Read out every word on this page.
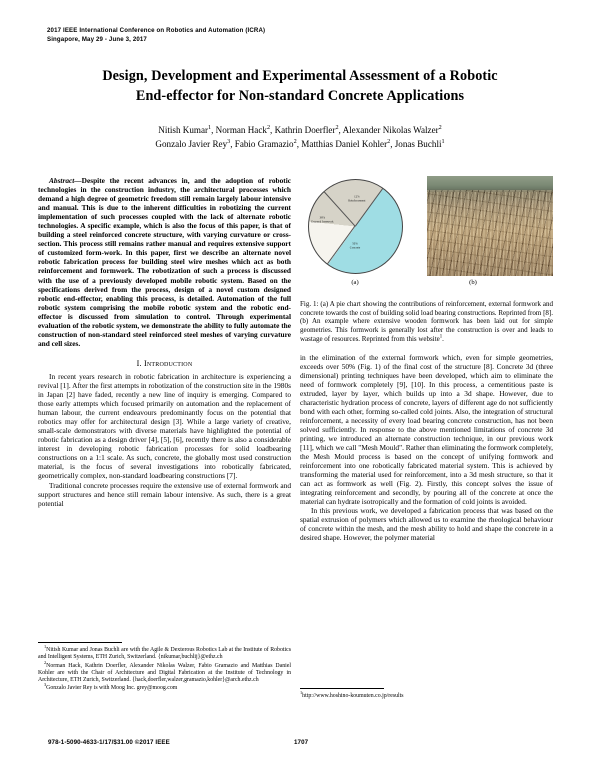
2017 IEEE International Conference on Robotics and Automation (ICRA)
Singapore, May 29 - June 3, 2017
Design, Development and Experimental Assessment of a Robotic
End-effector for Non-standard Concrete Applications
Nitish Kumar$^1$, Norman Hack$^2$, Kathrin Doerfler$^2$, Alexander Nikolas Walzer$^2$
Gonzalo Javier Rey$^3$, Fabio Gramazio$^2$, Matthias Daniel Kohler$^2$, Jonas Buchli$^1$

Abstract—Despite the recent advances in, and the adoption of robotic technologies in the construction industry, the architectural processes which demand a high degree of geometric freedom still remain largely labour intensive and manual. This is due to the inherent difficulties in robotizing the current implementation of such processes coupled with the lack of alternate robotic technologies. A specific example, which is also the focus of this paper, is that of building a steel reinforced concrete structure, with varying curvature or cross-section. This process still remains rather manual and requires extensive support of customized form-work. In this paper, first we describe an alternate novel robotic fabrication process for building steel wire meshes which act as both reinforcement and formwork. The robotization of such a process is discussed with the use of a previously developed mobile robotic system. Based on the specifications derived from the process, design of a novel custom designed robotic end-effector, enabling this process, is detailed. Automation of the full robotic system comprising the mobile robotic system and the robotic end-effector is discussed from simulation to control. Through experimental evaluation of the robotic system, we demonstrate the ability to fully automate the construction of non-standard steel reinforced steel meshes of varying curvature and cell sizes.

I. Introduction

In recent years research in robotic fabrication in architecture is experiencing a revival [1]. After the first attempts in robotization of the construction site in the 1980s in Japan [2] have faded, recently a new line of inquiry is emerging. Compared to those early attempts which focused primarily on automation and the replacement of human labour, the current endeavours predominantly focus on the potential that robotics may offer for architectural design [3]. While a large variety of creative, small-scale demonstrators with diverse materials have highlighted the potential of robotic fabrication as a design driver [4], [5], [6], recently there is also a considerable interest in developing robotic fabrication processes for solid loadbearing constructions on a 1:1 scale. As such, concrete, the globally most used construction material, is the focus of several investigations into robotically fabricated, geometrically complex, non-standard loadbearing constructions [7].

Traditional concrete processes require the extensive use of external formwork and support structures and hence still remain labour intensive. As such, there is a great potential

12%
Reinforcement
50%
Concrete
38%
External formwork
(a)	(b)
Fig. 1: (a) A pie chart showing the contributions of reinforcement, external formwork and concrete towards the cost of building solid load bearing constructions. Reprinted from [8]. (b) An example where extensive wooden formwork has been laid out for simple geometries. This formwork is generally lost after the construction is over and leads to wastage of resources. Reprinted from this website$^1$.

in the elimination of the external formwork which, even for simple geometries, exceeds over 50% (Fig. 1) of the final cost of the structure [8]. Concrete 3d (three dimensional) printing techniques have been developed, which aim to eliminate the need of formwork completely [9], [10]. In this process, a cementitious paste is extruded, layer by layer, which builds up into a 3d shape. However, due to characteristic hydration process of concrete, layers of different age do not sufficiently bond with each other, forming so-called cold joints. Also, the integration of structural reinforcement, a necessity of every load bearing concrete construction, has not been solved sufficiently. In response to the above mentioned limitations of concrete 3d printing, we introduced an alternate construction technique, in our previous work [11], which we call "Mesh Mould". Rather than eliminating the formwork completely, the Mesh Mould process is based on the concept of unifying formwork and reinforcement into one robotically fabricated material system. This is achieved by transforming the material used for reinforcement, into a 3d mesh structure, so that it can act as formwork as well (Fig. 2). Firstly, this concept solves the issue of integrating reinforcement and secondly, by pouring all of the concrete at once the material can hydrate isotropically and the formation of cold joints is avoided.

In this previous work, we developed a fabrication process that was based on the spatial extrusion of polymers which allowed us to examine the rheological behaviour of concrete within the mesh, and the mesh ability to hold and shape the concrete in a desired shape. However, the polymer material

$^1$Nitish Kumar and Jonas Buchli are with the Agile & Dexterous Robotics Lab at the Institute of Robotics and Intelligent Systems, ETH Zurich, Switzerland. {nikumar,buchlij}@ethz.ch

$^2$Norman Hack, Kathrin Doerfler, Alexander Nikolas Walzer, Fabio Gramazio and Matthias Daniel Kohler are with the Chair of Architecture and Digital Fabrication at the Institute of Technology in Architecture, ETH Zurich, Switzerland. {hack,doerfler,walzer,gramazio,kohler}@arch.ethz.ch

$^3$Gonzalo Javier Rey is with Moog Inc. grey@moog.com

$^1$http://www.hoshino-koumuten.co.jp/results
978-1-5090-4633-1/17/$31.00 ©2017 IEEE	1707
